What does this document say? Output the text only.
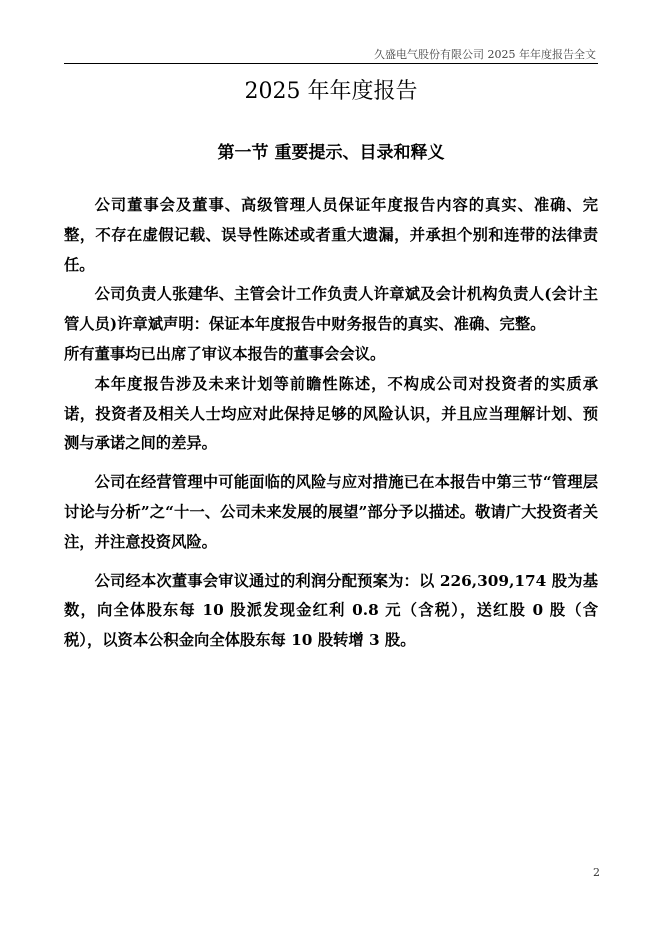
久盛电气股份有限公司 2025 年年度报告全文
2025 年年度报告
第一节 重要提示、目录和释义

公司董事会及董事、高级管理人员保证年度报告内容的真实、准确、完整，不存在虚假记载、误导性陈述或者重大遗漏，并承担个别和连带的法律责任。

公司负责人张建华、主管会计工作负责人许章斌及会计机构负责人(会计主管人员)许章斌声明：保证本年度报告中财务报告的真实、准确、完整。

所有董事均已出席了审议本报告的董事会会议。

本年度报告涉及未来计划等前瞻性陈述，不构成公司对投资者的实质承诺，投资者及相关人士均应对此保持足够的风险认识，并且应当理解计划、预测与承诺之间的差异。

公司在经营管理中可能面临的风险与应对措施已在本报告中第三节“管理层讨论与分析”之“十一、公司未来发展的展望”部分予以描述。敬请广大投资者关注，并注意投资风险。

公司经本次董事会审议通过的利润分配预案为：以 226,309,174 股为基数，向全体股东每 10 股派发现金红利 0.8 元（含税），送红股 0 股（含税），以资本公积金向全体股东每 10 股转增 3 股。

2
